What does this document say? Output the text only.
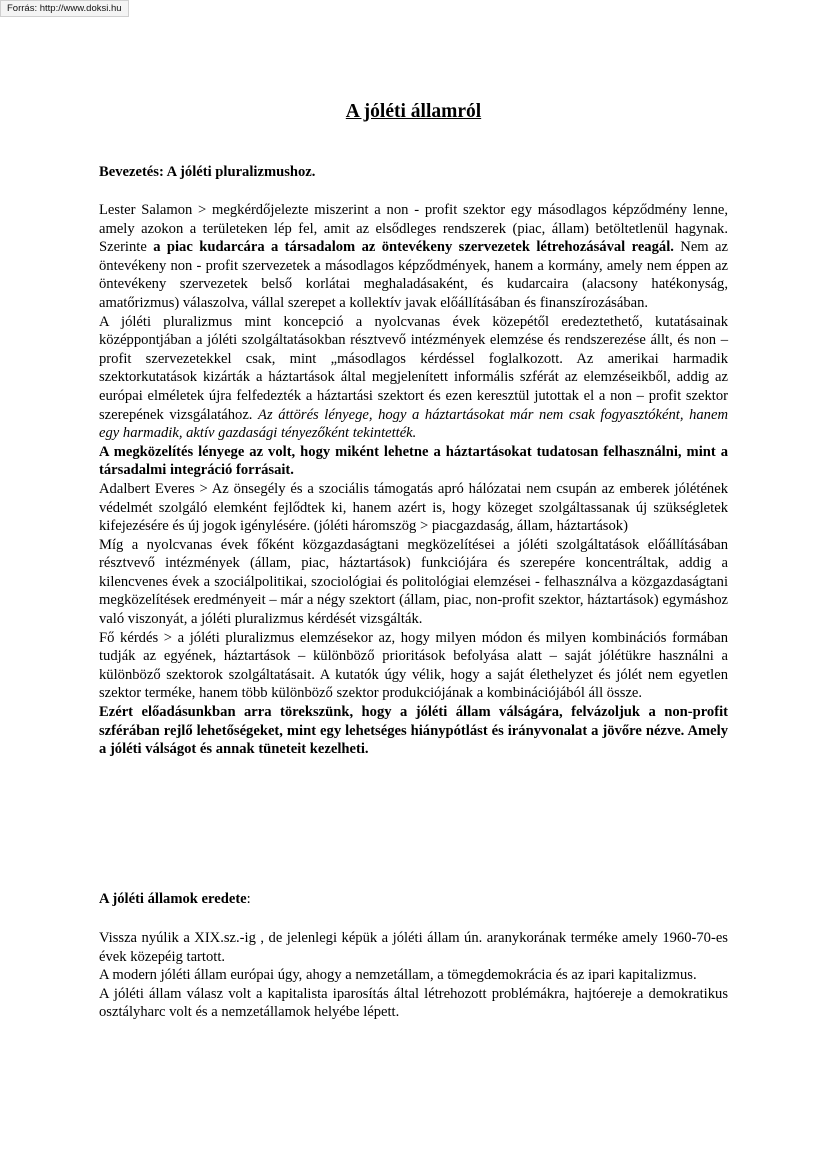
Forrás: http://www.doksi.hu
A jóléti államról
Bevezetés: A jóléti pluralizmushoz.

Lester Salamon > megkérdőjelezte miszerint a non - profit szektor egy másodlagos képződmény lenne, amely azokon a területeken lép fel, amit az elsődleges rendszerek (piac, állam) betöltetlenül hagynak. Szerinte a piac kudarcára a társadalom az öntevékeny szervezetek létrehozásával reagál. Nem az öntevékeny non - profit szervezetek a másodlagos képződmények, hanem a kormány, amely nem éppen az öntevékeny szervezetek belső korlátai meghaladásaként, és kudarcaira (alacsony hatékonyság, amatőrizmus) válaszolva, vállal szerepet a kollektív javak előállításában és finanszírozásában.

A jóléti pluralizmus mint koncepció a nyolcvanas évek közepétől eredeztethető, kutatásainak középpontjában a jóléti szolgáltatásokban résztvevő intézmények elemzése és rendszerezése állt, és non – profit szervezetekkel csak, mint „másodlagos kérdéssel foglalkozott. Az amerikai harmadik szektorkutatások kizárták a háztartások által megjelenített informális szférát az elemzéseikből, addig az európai elméletek újra felfedezték a háztartási szektort és ezen keresztül jutottak el a non – profit szektor szerepének vizsgálatához. Az áttörés lényege, hogy a háztartásokat már nem csak fogyasztóként, hanem egy harmadik, aktív gazdasági tényezőként tekintették.

A megközelítés lényege az volt, hogy miként lehetne a háztartásokat tudatosan felhasználni, mint a társadalmi integráció forrásait.

Adalbert Everes > Az önsegély és a szociális támogatás apró hálózatai nem csupán az emberek jólétének védelmét szolgáló elemként fejlődtek ki, hanem azért is, hogy közeget szolgáltassanak új szükségletek kifejezésére és új jogok igénylésére. (jóléti háromszög > piacgazdaság, állam, háztartások)

Míg a nyolcvanas évek főként közgazdaságtani megközelítései a jóléti szolgáltatások előállításában résztvevő intézmények (állam, piac, háztartások) funkciójára és szerepére koncentráltak, addig a kilencvenes évek a szociálpolitikai, szociológiai és politológiai elemzései - felhasználva a közgazdaságtani megközelítések eredményeit – már a négy szektort (állam, piac, non-profit szektor, háztartások) egymáshoz való viszonyát, a jóléti pluralizmus kérdését vizsgálták.

Fő kérdés > a jóléti pluralizmus elemzésekor az, hogy milyen módon és milyen kombinációs formában tudják az egyének, háztartások – különböző prioritások befolyása alatt – saját jólétükre használni a különböző szektorok szolgáltatásait. A kutatók úgy vélik, hogy a saját élethelyzet és jólét nem egyetlen szektor terméke, hanem több különböző szektor produkciójának a kombinációjából áll össze.

Ezért előadásunkban arra törekszünk, hogy a jóléti állam válságára, felvázoljuk a non-profit szférában rejlő lehetőségeket, mint egy lehetséges hiánypótlást és irányvonalat a jövőre nézve. Amely a jóléti válságot és annak tüneteit kezelheti.

A jóléti államok eredete:

Vissza nyúlik a XIX.sz.-ig , de jelenlegi képük a jóléti állam ún. aranykorának terméke amely 1960-70-es évek közepéig tartott.

A modern jóléti állam európai úgy, ahogy a nemzetállam, a tömegdemokrácia és az ipari kapitalizmus.

A jóléti állam válasz volt a kapitalista iparosítás által létrehozott problémákra, hajtóereje a demokratikus osztályharc volt és a nemzetállamok helyébe lépett.
